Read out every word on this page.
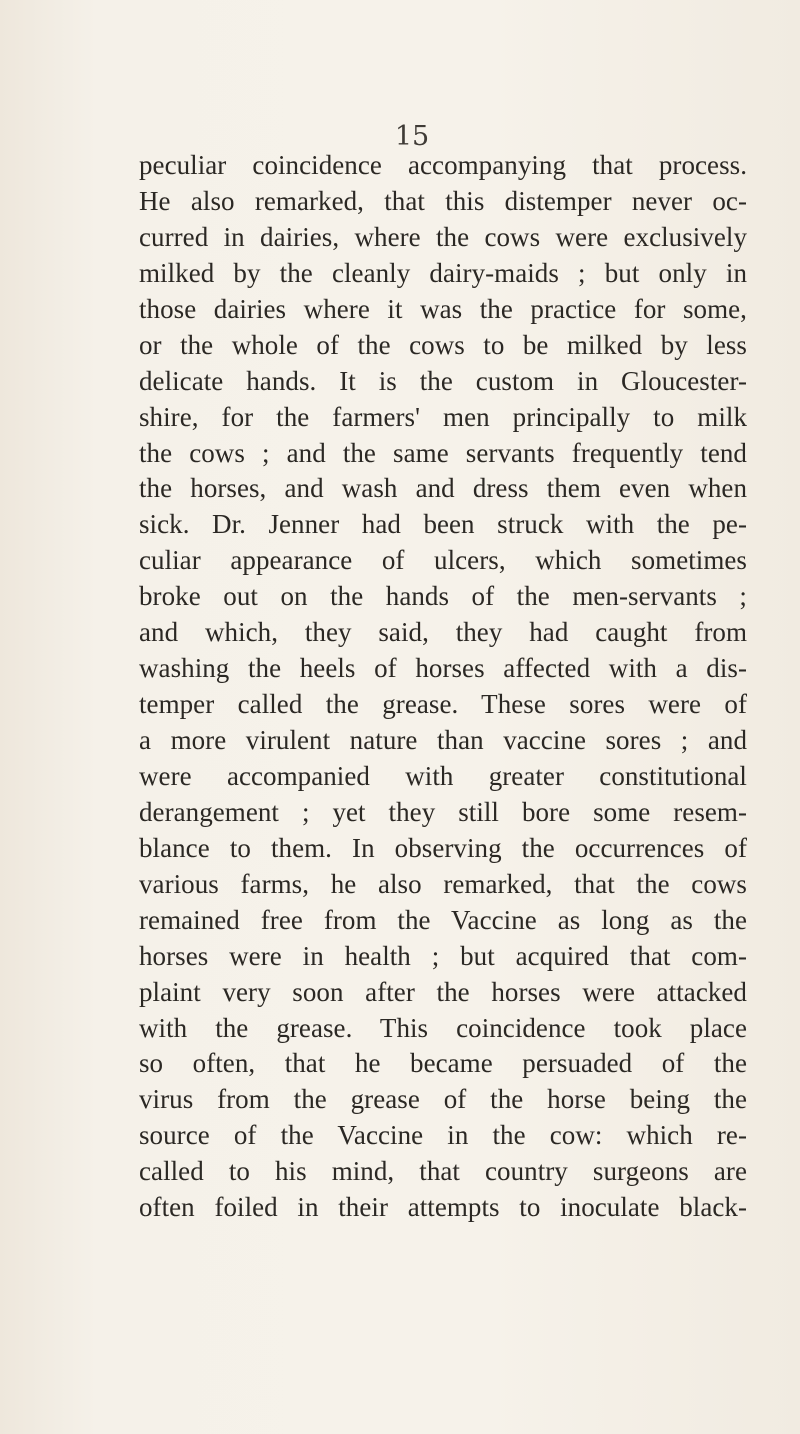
15
peculiar coincidence accompanying that process.
He also remarked, that this distemper never oc-
curred in dairies, where the cows were exclusively
milked by the cleanly dairy-maids ; but only in
those dairies where it was the practice for some,
or the whole of the cows to be milked by less
delicate hands. It is the custom in Gloucester-
shire, for the farmers' men principally to milk
the cows ; and the same servants frequently tend
the horses, and wash and dress them even when
sick. Dr. Jenner had been struck with the pe-
culiar appearance of ulcers, which sometimes
broke out on the hands of the men-servants ;
and which, they said, they had caught from
washing the heels of horses affected with a dis-
temper called the grease. These sores were of
a more virulent nature than vaccine sores ; and
were accompanied with greater constitutional
derangement ; yet they still bore some resem-
blance to them. In observing the occurrences of
various farms, he also remarked, that the cows
remained free from the Vaccine as long as the
horses were in health ; but acquired that com-
plaint very soon after the horses were attacked
with the grease. This coincidence took place
so often, that he became persuaded of the
virus from the grease of the horse being the
source of the Vaccine in the cow: which re-
called to his mind, that country surgeons are
often foiled in their attempts to inoculate black-
